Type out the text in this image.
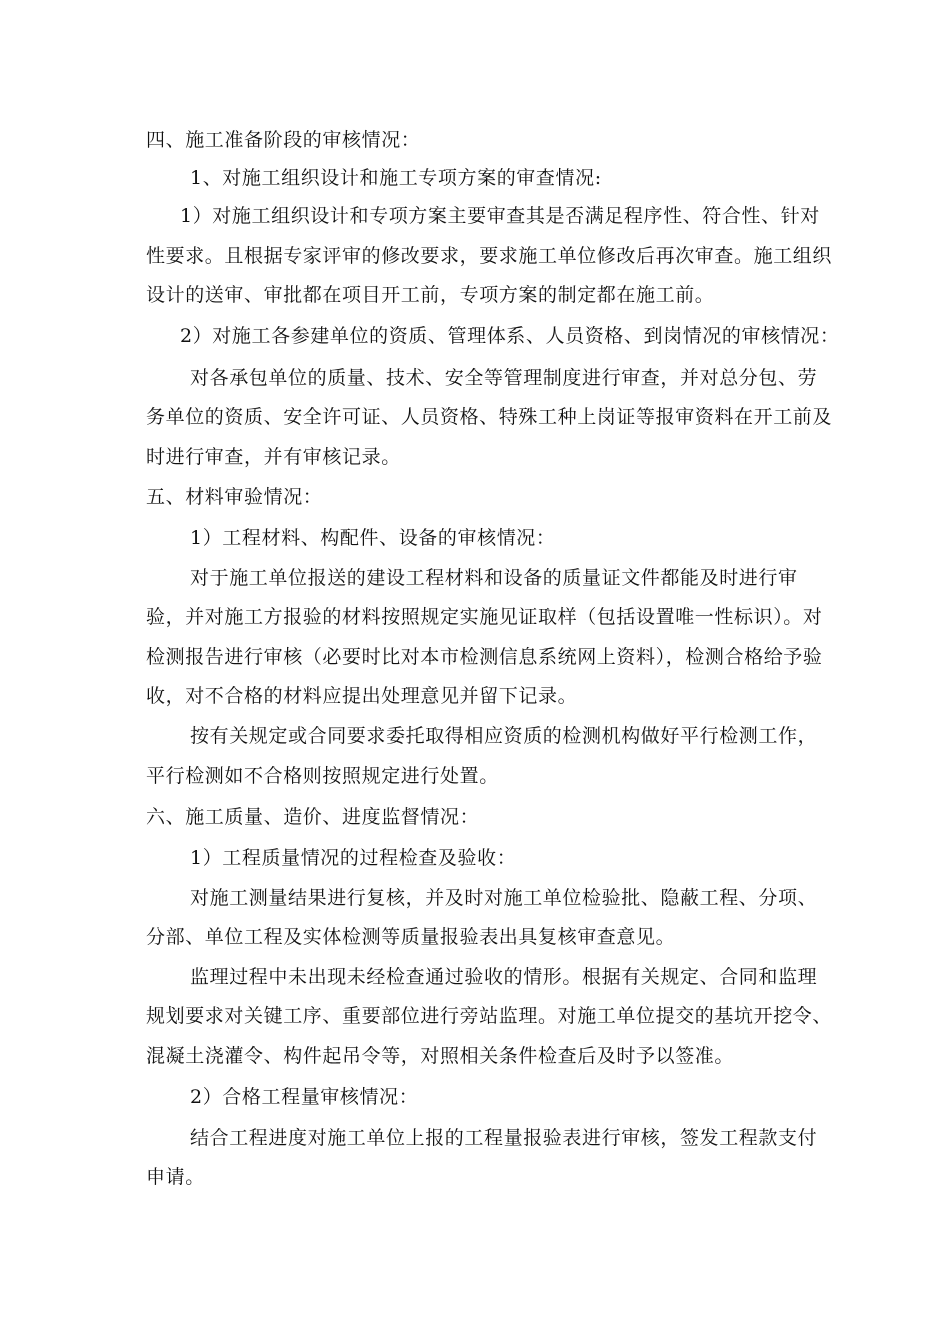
四、施工准备阶段的审核情况：
1、对施工组织设计和施工专项方案的审查情况:
1）对施工组织设计和专项方案主要审查其是否满足程序性、符合性、针对
性要求。且根据专家评审的修改要求，要求施工单位修改后再次审查。施工组织
设计的送审、审批都在项目开工前，专项方案的制定都在施工前。
2）对施工各参建单位的资质、管理体系、人员资格、到岗情况的审核情况：
对各承包单位的质量、技术、安全等管理制度进行审查，并对总分包、劳
务单位的资质、安全许可证、人员资格、特殊工种上岗证等报审资料在开工前及
时进行审查，并有审核记录。
五、材料审验情况：
1）工程材料、构配件、设备的审核情况：
对于施工单位报送的建设工程材料和设备的质量证文件都能及时进行审
验，并对施工方报验的材料按照规定实施见证取样（包括设置唯一性标识）。对
检测报告进行审核（必要时比对本市检测信息系统网上资料），检测合格给予验
收，对不合格的材料应提出处理意见并留下记录。
按有关规定或合同要求委托取得相应资质的检测机构做好平行检测工作，
平行检测如不合格则按照规定进行处置。
六、施工质量、造价、进度监督情况：
1）工程质量情况的过程检查及验收：
对施工测量结果进行复核，并及时对施工单位检验批、隐蔽工程、分项、
分部、单位工程及实体检测等质量报验表出具复核审查意见。
监理过程中未出现未经检查通过验收的情形。根据有关规定、合同和监理
规划要求对关键工序、重要部位进行旁站监理。对施工单位提交的基坑开挖令、
混凝土浇灌令、构件起吊令等，对照相关条件检查后及时予以签准。
2）合格工程量审核情况：
结合工程进度对施工单位上报的工程量报验表进行审核，签发工程款支付
申请。
